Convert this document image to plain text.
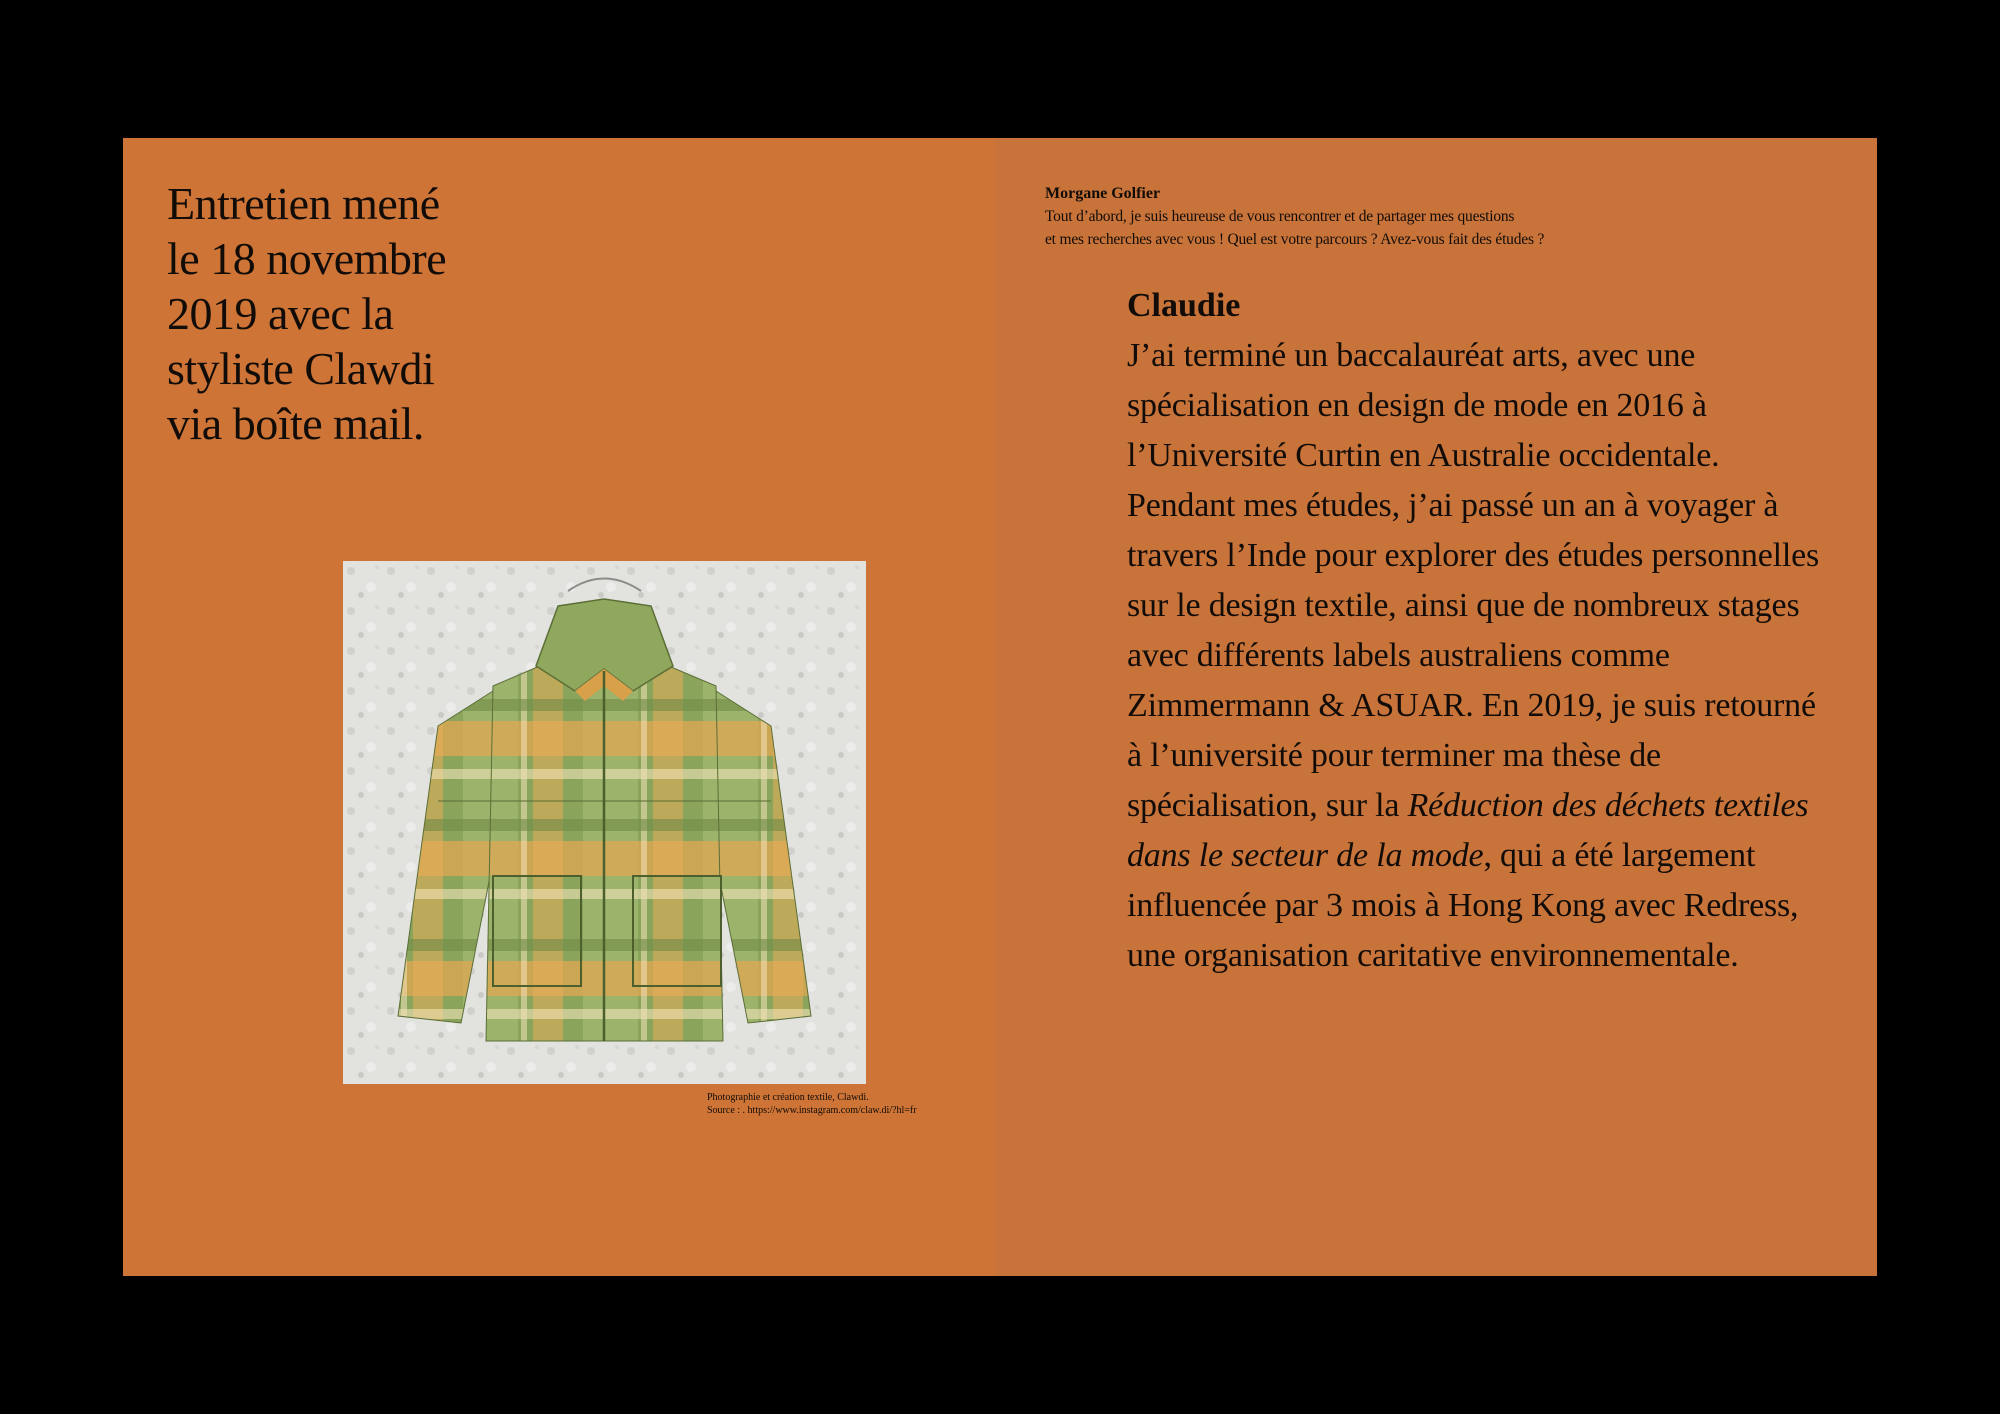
Entretien mené
le 18 novembre
2019 avec la
styliste Clawdi
via boîte mail.
Photographie et création textile, Clawdi.
Source : . https://www.instagram.com/claw.di/?hl=fr
Morgane Golfier
Tout d’abord, je suis heureuse de vous rencontrer et de partager mes questions
et mes recherches avec vous ! Quel est votre parcours ? Avez-vous fait des études ?
Claudie

J’ai terminé un baccalauréat arts, avec une spécialisation en design de mode en 2016 à l’Université Curtin en Australie occidentale. Pendant mes études, j’ai passé un an à voyager à travers l’Inde pour explorer des études personnelles sur le design textile, ainsi que de nombreux stages avec différents labels australiens comme Zimmermann & ASUAR. En 2019, je suis retourné à l’université pour terminer ma thèse de spécialisation, sur la Réduction des déchets textiles dans le secteur de la mode, qui a été largement influencée par 3 mois à Hong Kong avec Redress, une organisation caritative environnementale.
